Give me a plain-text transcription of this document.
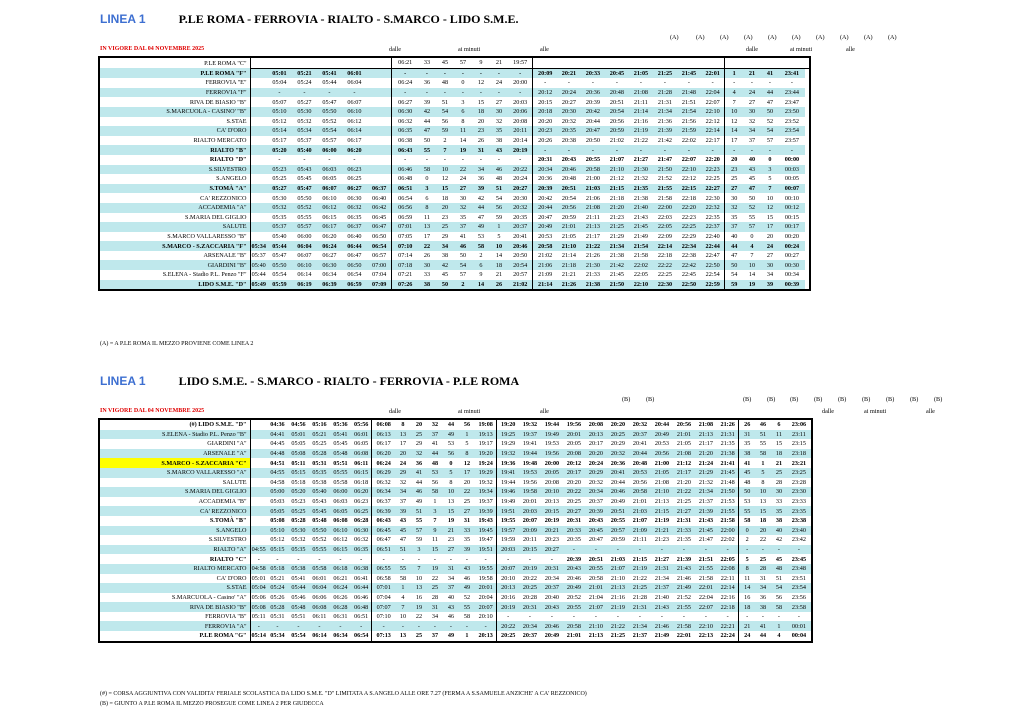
LINEA 1	P.LE ROMA - FERROVIA - RIALTO - S.MARCO - LIDO S.M.E.
(A)	(A) (A) (A) (A) (A) (A) (A) (A) (A)
IN VIGORE DAL 04 NOVEMBRE 2025	dalle	ai minuti	alle	dalle	ai minuti	alle
P.LE ROMA "C"							06:21	33	45	57	9	21	19:57														
P.LE ROMA "F"		05:01	05:21	05:41	06:01		-	-	-	-	-	-	-	20:09	20:21	20:33	20:45	21:05	21:25	21:45	22:01	1	21	41	23:41		
FERROVIA "E"		05:04	05:24	05:44	06:04		06:24	36	48	0	12	24	20:00	-	-	-	-	-	-	-	-	-	-	-	-		
FERROVIA "F"		-	-	-	-		-	-	-	-	-	-	-	20:12	20:24	20:36	20:48	21:08	21:28	21:48	22:04	4	24	44	23:44		
RIVA DE BIASIO "B"		05:07	05:27	05:47	06:07		06:27	39	51	3	15	27	20:03	20:15	20:27	20:39	20:51	21:11	21:31	21:51	22:07	7	27	47	23:47		
S.MARCUOLA - CASINO' "B"		05:10	05:30	05:50	06:10		06:30	42	54	6	18	30	20:06	20:18	20:30	20:42	20:54	21:14	21:34	21:54	22:10	10	30	50	23:50		
S.STAE		05:12	05:32	05:52	06:12		06:32	44	56	8	20	32	20:08	20:20	20:32	20:44	20:56	21:16	21:36	21:56	22:12	12	32	52	23:52		
CA' D'ORO		05:14	05:34	05:54	06:14		06:35	47	59	11	23	35	20:11	20:23	20:35	20:47	20:59	21:19	21:39	21:59	22:14	14	34	54	23:54		
RIALTO MERCATO		05:17	05:37	05:57	06:17		06:38	50	2	14	26	38	20:14	20:26	20:38	20:50	21:02	21:22	21:42	22:02	22:17	17	37	57	23:57		
RIALTO "B"		05:20	05:40	06:00	06:20		06:43	55	7	19	31	43	20:19	-	-	-	-	-	-	-	-	-	-	-	-		
RIALTO "D"		-	-	-	-		-	-	-	-	-	-	-	20:31	20:43	20:55	21:07	21:27	21:47	22:07	22:20	20	40	0	00:00		
S.SILVESTRO		05:23	05:43	06:03	06:23		06:46	58	10	22	34	46	20:22	20:34	20:46	20:58	21:10	21:30	21:50	22:10	22:23	23	43	3	00:03		
S.ANGELO		05:25	05:45	06:05	06:25		06:48	0	12	24	36	48	20:24	20:36	20:48	21:00	21:12	21:32	21:52	22:12	22:25	25	45	5	00:05		
S.TOMÀ "A"		05:27	05:47	06:07	06:27	06:37	06:51	3	15	27	39	51	20:27	20:39	20:51	21:03	21:15	21:35	21:55	22:15	22:27	27	47	7	00:07		
CA' REZZONICO		05:30	05:50	06:10	06:30	06:40	06:54	6	18	30	42	54	20:30	20:42	20:54	21:06	21:18	21:38	21:58	22:18	22:30	30	50	10	00:10		
ACCADEMIA "A"		05:32	05:52	06:12	06:32	06:42	06:56	8	20	32	44	56	20:32	20:44	20:56	21:08	21:20	21:40	22:00	22:20	22:32	32	52	12	00:12		
S.MARIA DEL GIGLIO		05:35	05:55	06:15	06:35	06:45	06:59	11	23	35	47	59	20:35	20:47	20:59	21:11	21:23	21:43	22:03	22:23	22:35	35	55	15	00:15		
SALUTE		05:37	05:57	06:17	06:37	06:47	07:01	13	25	37	49	1	20:37	20:49	21:01	21:13	21:25	21:45	22:05	22:25	22:37	37	57	17	00:17		
S.MARCO VALLARESSO "B"		05:40	06:00	06:20	06:40	06:50	07:05	17	29	41	53	5	20:41	20:53	21:05	21:17	21:29	21:49	22:09	22:29	22:40	40	0	20	00:20		
S.MARCO - S.ZACCARIA "F"	05:34	05:44	06:04	06:24	06:44	06:54	07:10	22	34	46	58	10	20:46	20:58	21:10	21:22	21:34	21:54	22:14	22:34	22:44	44	4	24	00:24		
ARSENALE "B"	05:37	05:47	06:07	06:27	06:47	06:57	07:14	26	38	50	2	14	20:50	21:02	21:14	21:26	21:38	21:58	22:18	22:38	22:47	47	7	27	00:27		
GIARDINI "B"	05:40	05:50	06:10	06:30	06:50	07:00	07:18	30	42	54	6	18	20:54	21:06	21:18	21:30	21:42	22:02	22:22	22:42	22:50	50	10	30	00:30		
S.ELENA - Stadio P.L. Penzo "F"	05:44	05:54	06:14	06:34	06:54	07:04	07:21	33	45	57	9	21	20:57	21:09	21:21	21:33	21:45	22:05	22:25	22:45	22:54	54	14	34	00:34		
LIDO S.M.E. "D"	05:49	05:59	06:19	06:39	06:59	07:09	07:26	38	50	2	14	26	21:02	21:14	21:26	21:38	21:50	22:10	22:30	22:50	22:59	59	19	39	00:39		
(A) = A P.LE ROMA IL MEZZO PROVIENE COME LINEA 2
LINEA 1	LIDO S.M.E. - S.MARCO - RIALTO - FERROVIA - P.LE ROMA
(B)	(B)	(B)	(B) (B)	(B)	(B)	(B)	(B)	(B)	(B)
IN VIGORE DAL 04 NOVEMBRE 2025	dalle	ai minuti	alle	dalle	ai minuti	alle
(#) LIDO S.M.E. "D"		04:36	04:56	05:16	05:36	05:56	06:08	8	20	32	44	56	19:08	19:20	19:32	19:44	19:56	20:08	20:20	20:32	20:44	20:56	21:08	21:26	26	46	6	23:06
S.ELENA - Stadio P.L. Penzo "B"		04:41	05:01	05:21	05:41	06:01	06:13	13	25	37	49	1	19:13	19:25	19:37	19:49	20:01	20:13	20:25	20:37	20:49	21:01	21:13	21:31	31	51	11	23:11
GIARDINI "A"		04:45	05:05	05:25	05:45	06:05	06:17	17	29	41	53	5	19:17	19:29	19:41	19:53	20:05	20:17	20:29	20:41	20:53	21:05	21:17	21:35	35	55	15	23:15
ARSENALE "A"		04:48	05:08	05:28	05:48	06:08	06:20	20	32	44	56	8	19:20	19:32	19:44	19:56	20:08	20:20	20:32	20:44	20:56	21:08	21:20	21:38	38	58	18	23:18
S.MARCO - S.ZACCARIA "C"		04:51	05:11	05:31	05:51	06:11	06:24	24	36	48	0	12	19:24	19:36	19:48	20:00	20:12	20:24	20:36	20:48	21:00	21:12	21:24	21:41	41	1	21	23:21
S.MARCO VALLARESSO "A"		04:55	05:15	05:35	05:55	06:15	06:29	29	41	53	5	17	19:29	19:41	19:53	20:05	20:17	20:29	20:41	20:53	21:05	21:17	21:29	21:45	45	5	25	23:25
SALUTE		04:58	05:18	05:38	05:58	06:18	06:32	32	44	56	8	20	19:32	19:44	19:56	20:08	20:20	20:32	20:44	20:56	21:08	21:20	21:32	21:48	48	8	28	23:28
S.MARIA DEL GIGLIO		05:00	05:20	05:40	06:00	06:20	06:34	34	46	58	10	22	19:34	19:46	19:58	20:10	20:22	20:34	20:46	20:58	21:10	21:22	21:34	21:50	50	10	30	23:30
ACCADEMIA "B"		05:03	05:23	05:43	06:03	06:23	06:37	37	49	1	13	25	19:37	19:49	20:01	20:13	20:25	20:37	20:49	21:01	21:13	21:25	21:37	21:53	53	13	33	23:33
CA' REZZONICO		05:05	05:25	05:45	06:05	06:25	06:39	39	51	3	15	27	19:39	19:51	20:03	20:15	20:27	20:39	20:51	21:03	21:15	21:27	21:39	21:55	55	15	35	23:35
S.TOMÀ "B"		05:08	05:28	05:48	06:08	06:28	06:43	43	55	7	19	31	19:43	19:55	20:07	20:19	20:31	20:43	20:55	21:07	21:19	21:31	21:43	21:58	58	18	38	23:38
S.ANGELO		05:10	05:30	05:50	06:10	06:30	06:45	45	57	9	21	33	19:45	19:57	20:09	20:21	20:33	20:45	20:57	21:09	21:21	21:33	21:45	22:00	0	20	40	23:40
S.SILVESTRO		05:12	05:32	05:52	06:12	06:32	06:47	47	59	11	23	35	19:47	19:59	20:11	20:23	20:35	20:47	20:59	21:11	21:23	21:35	21:47	22:02	2	22	42	23:42
RIALTO "A"	04:55	05:15	05:35	05:55	06:15	06:35	06:51	51	3	15	27	39	19:51	20:03	20:15	20:27	-	-	-	-	-	-	-	-	-	-	-	-
RIALTO "C"	-	-	-	-	-	-	-	-	-	-	-	-	-	-	-	-	20:39	20:51	21:03	21:15	21:27	21:39	21:51	22:05	5	25	45	23:45
RIALTO MERCATO	04:58	05:18	05:38	05:58	06:18	06:38	06:55	55	7	19	31	43	19:55	20:07	20:19	20:31	20:43	20:55	21:07	21:19	21:31	21:43	21:55	22:08	8	28	48	23:48
CA' D'ORO	05:01	05:21	05:41	06:01	06:21	06:41	06:58	58	10	22	34	46	19:58	20:10	20:22	20:34	20:46	20:58	21:10	21:22	21:34	21:46	21:58	22:11	11	31	51	23:51
S.STAE	05:04	05:24	05:44	06:04	06:24	06:44	07:01	1	13	25	37	49	20:01	20:13	20:25	20:37	20:49	21:01	21:13	21:25	21:37	21:49	22:01	22:14	14	34	54	23:54
S.MARCUOLA - Casino' "A"	05:06	05:26	05:46	06:06	06:26	06:46	07:04	4	16	28	40	52	20:04	20:16	20:28	20:40	20:52	21:04	21:16	21:28	21:40	21:52	22:04	22:16	16	36	56	23:56
RIVA DE BIASIO "B"	05:08	05:28	05:48	06:08	06:28	06:48	07:07	7	19	31	43	55	20:07	20:19	20:31	20:43	20:55	21:07	21:19	21:31	21:43	21:55	22:07	22:18	18	38	58	23:58
FERROVIA "B"	05:11	05:31	05:51	06:11	06:31	06:51	07:10	10	22	34	46	58	20:10	-	-	-	-	-	-	-	-	-	-	-	-	-	-	-
FERROVIA "A"	-	-	-	-	-	-	-	-	-	-	-	-	-	20:22	20:34	20:46	20:58	21:10	21:22	21:34	21:46	21:58	22:10	22:21	21	41	1	00:01
P.LE ROMA "G"	05:14	05:34	05:54	06:14	06:34	06:54	07:13	13	25	37	49	1	20:13	20:25	20:37	20:49	21:01	21:13	21:25	21:37	21:49	22:01	22:13	22:24	24	44	4	00:04
(#) = CORSA AGGIUNTIVA CON VALIDITA' FERIALE SCOLASTICA DA LIDO S.M.E. "D" LIMITATA A S.ANGELO ALLE ORE 7.27 (FERMA A S.SAMUELE ANZICHE' A CA' REZZONICO)
(B) = GIUNTO A P.LE ROMA IL MEZZO PROSEGUE COME LINEA 2 PER GIUDECCA
